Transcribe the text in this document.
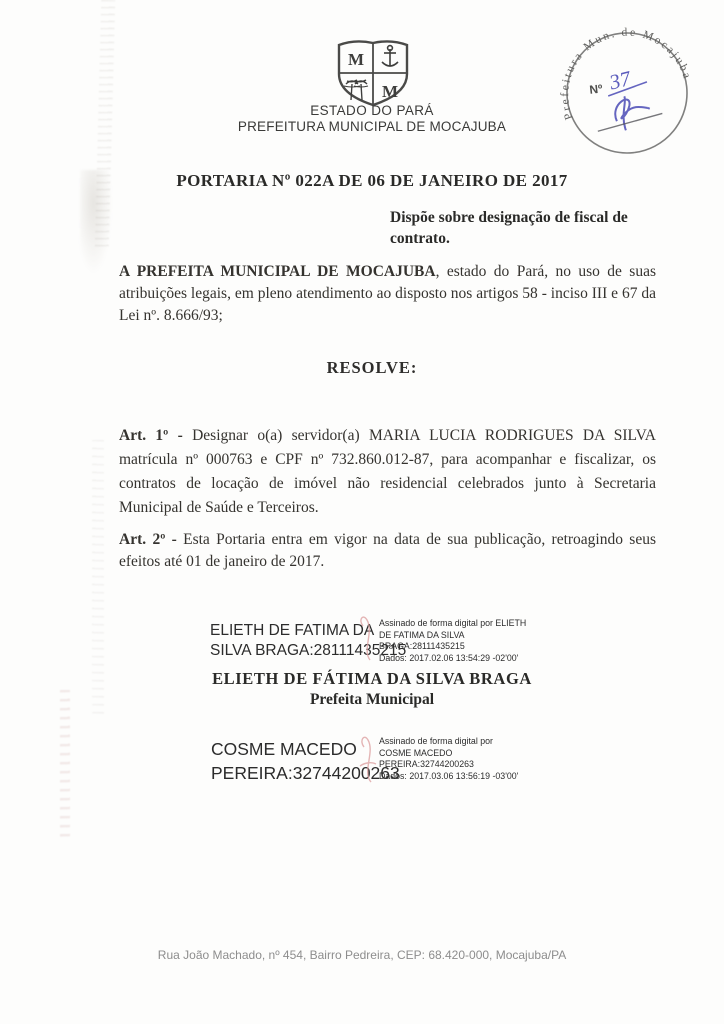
M
M
ESTADO DO PARÁ
PREFEITURA MUNICIPAL DE MOCAJUBA
Prefeitura Mun. de Mocajuba
Nº 37
PORTARIA Nº 022A DE 06 DE JANEIRO DE 2017
Dispõe sobre designação de fiscal de contrato.
A PREFEITA MUNICIPAL DE MOCAJUBA, estado do Pará, no uso de suas atribuições legais, em pleno atendimento ao disposto nos artigos 58 - inciso III e 67 da Lei nº. 8.666/93;
RESOLVE:
Art. 1º - Designar o(a) servidor(a) MARIA LUCIA RODRIGUES DA SILVA matrícula nº 000763 e CPF nº 732.860.012-87, para acompanhar e fiscalizar, os contratos de locação de imóvel não residencial celebrados junto à Secretaria Municipal de Saúde e Terceiros.
Art. 2º - Esta Portaria entra em vigor na data de sua publicação, retroagindo seus efeitos até 01 de janeiro de 2017.
ELIETH DE FATIMA DA
SILVA BRAGA:28111435215
Assinado de forma digital por ELIETH
DE FATIMA DA SILVA
BRAGA:28111435215
Dados: 2017.02.06 13:54:29 -02'00'
ELIETH DE FÁTIMA DA SILVA BRAGA
Prefeita Municipal
COSME MACEDO
PEREIRA:32744200263
Assinado de forma digital por
COSME MACEDO
PEREIRA:32744200263
Dados: 2017.03.06 13:56:19 -03'00'
Rua João Machado, nº 454, Bairro Pedreira, CEP: 68.420-000, Mocajuba/PA
